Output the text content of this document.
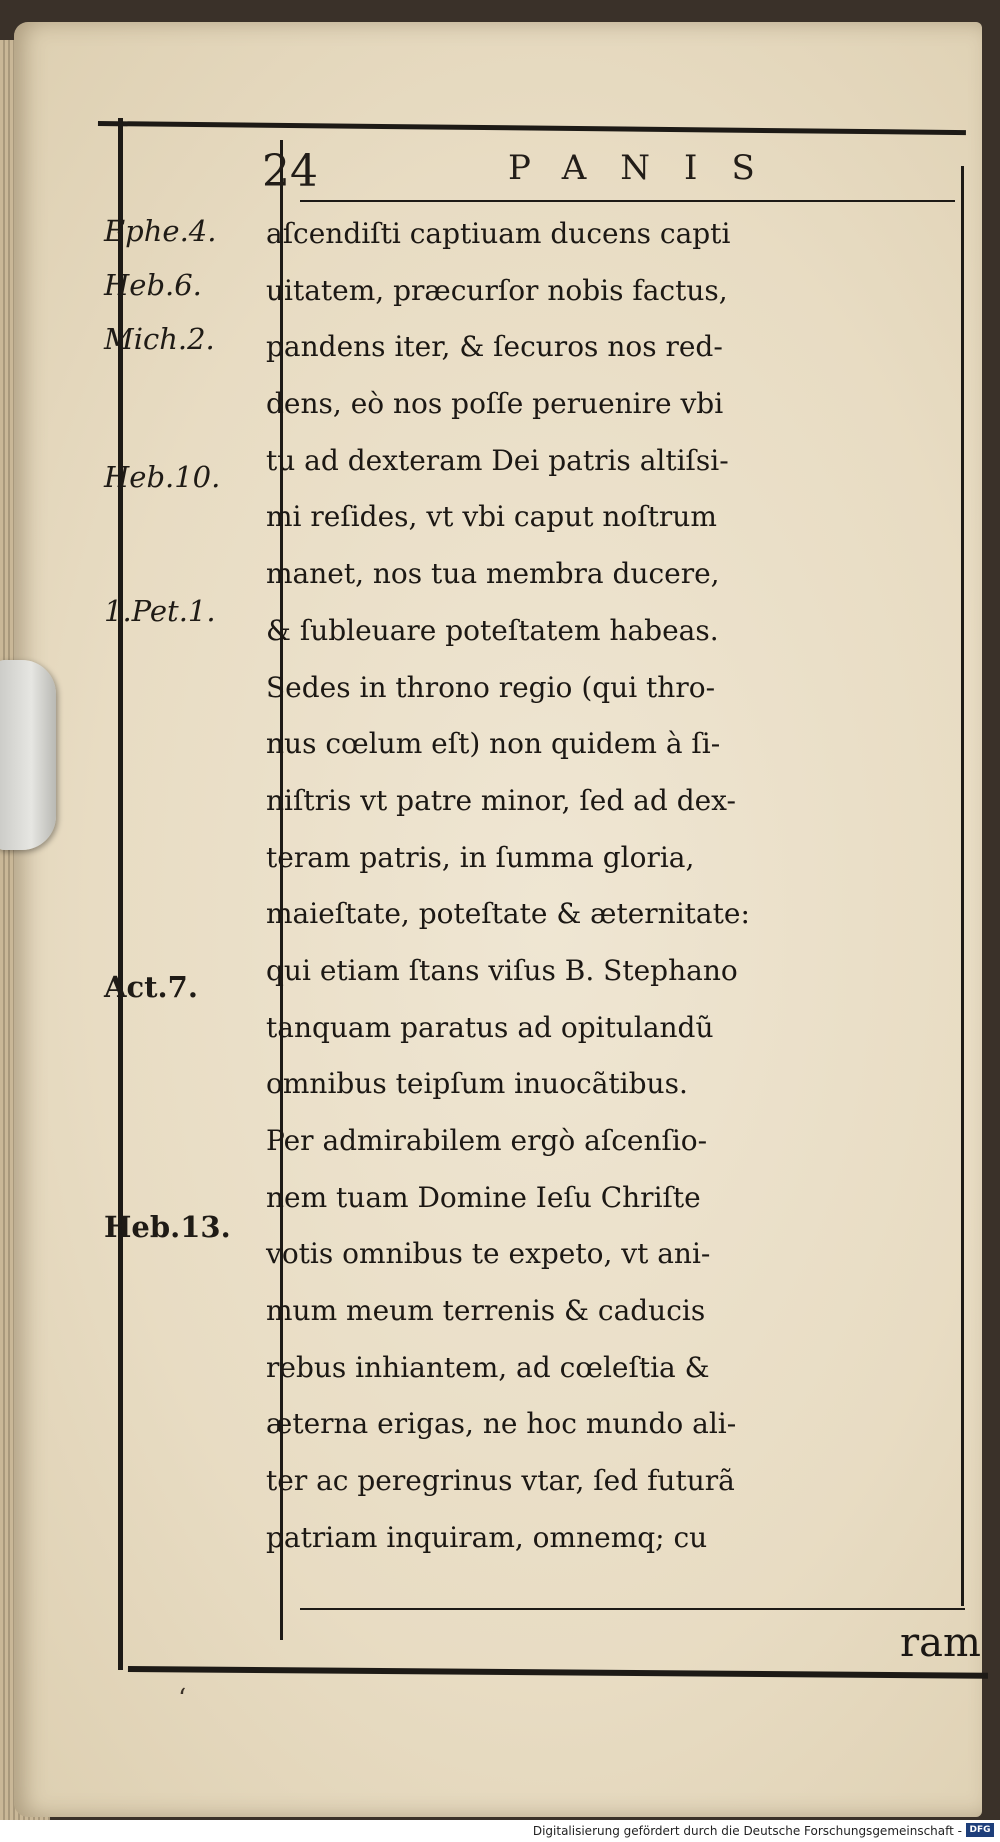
24	PANIS
Ephe.4.
Heb.6.
Mich.2.
Heb.10.
1.Pet.1.
Act.7.
Heb.13.
aſcendiſti captiuam ducens capti
uitatem, præcurſor nobis factus,
pandens iter, & ſecuros nos red-
dens, eò nos poſſe peruenire vbi
tu ad dexteram Dei patris altiſsi-
mi reſides, vt vbi caput noſtrum
manet, nos tua membra ducere,
& ſubleuare poteſtatem habeas.
Sedes in throno regio (qui thro-
nus cœlum eſt) non quidem à ſi-
niſtris vt patre minor, ſed ad dex-
teram patris, in ſumma gloria,
maieſtate, poteſtate & æternitate:
qui etiam ſtans viſus B. Stephano
tanquam paratus ad opitulandũ
omnibus teipſum inuocãtibus.
Per admirabilem ergò aſcenſio-
nem tuam Domine Ieſu Chriſte
votis omnibus te expeto, vt ani-
mum meum terrenis & caducis
rebus inhiantem, ad cœleſtia &
æterna erigas, ne hoc mundo ali-
ter ac peregrinus vtar, ſed futurã
patriam inquiram, omnemq; cu
ram
ʻ
Digitalisierung gefördert durch die Deutsche Forschungsgemeinschaft - DFG
